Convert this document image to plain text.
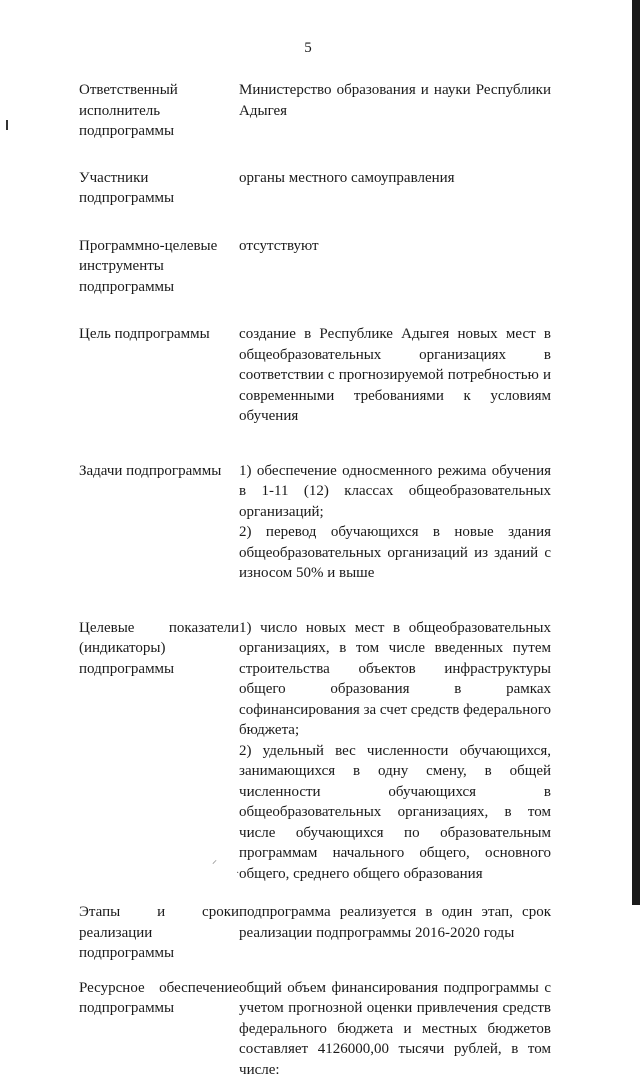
5
Ответственный исполнитель подпрограммы	Министерство образования и науки Республики Адыгея

Участники подпрограммы	органы местного самоуправления

Программно-целевые инструменты подпрограммы	отсутствуют

Цель подпрограммы	создание в Республике Адыгея новых мест в общеобразовательных организациях в соответствии с прогнозируемой потребностью и современными требованиями к условиям обучения

Задачи подпрограммы	1) обеспечение односменного режима обучения в 1-11 (12) классах общеобразовательных организаций;
2) перевод обучающихся в новые здания общеобразовательных организаций из зданий с износом 50% и выше

Целевые показатели (индикаторы) подпрограммы	1) число новых мест в общеобразовательных организациях, в том числе введенных путем строительства объектов инфраструктуры общего образования в рамках софинансирования за счет средств федерального бюджета;
2) удельный вес численности обучающихся, занимающихся в одну смену, в общей численности обучающихся в общеобразовательных организациях, в том числе обучающихся по образовательным программам начального общего, основного общего, среднего общего образования

Этапы и сроки реализации подпрограммы	подпрограмма реализуется в один этап, срок реализации подпрограммы 2016-2020 годы

Ресурсное обеспечение подпрограммы	общий объем финансирования подпрограммы с учетом прогнозной оценки привлечения средств федерального бюджета и местных бюджетов составляет 4126000,00 тысячи рублей, в том числе:
⸝
·
